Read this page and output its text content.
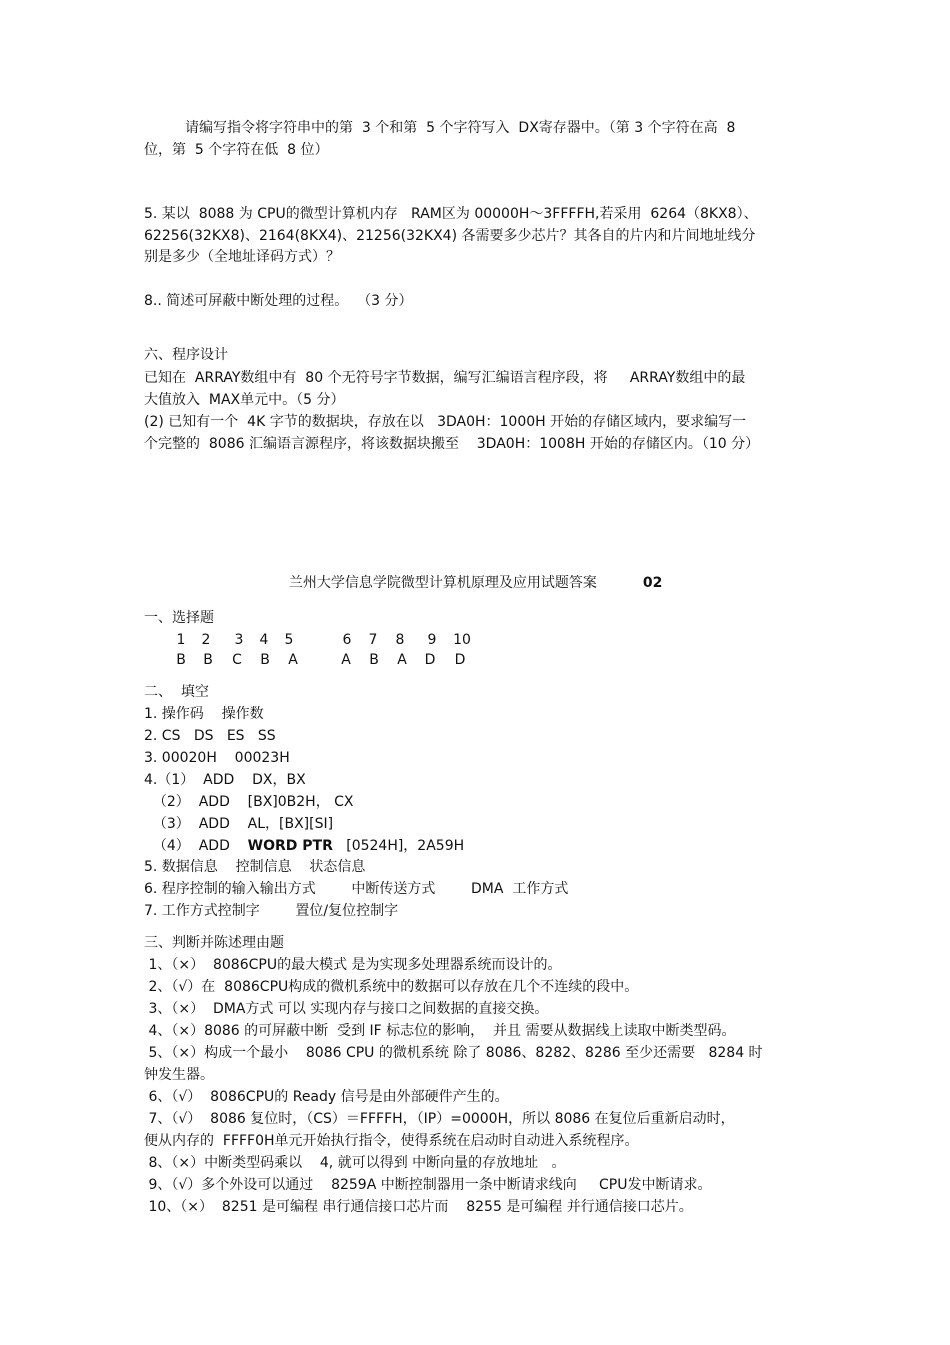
请编写指令将字符串中的第  3 个和第  5 个字符写入  DX寄存器中。（第 3 个字符在高  8
位，第  5 个字符在低  8 位）
5. 某以  8088 为 CPU的微型计算机内存   RAM区为 00000H～3FFFFH,若采用  6264（8KX8）、
62256(32KX8)、2164(8KX4)、21256(32KX4) 各需要多少芯片？其各自的片内和片间地址线分
别是多少（全地址译码方式）？
8.. 简述可屏蔽中断处理的过程。  （3 分）
六、程序设计
已知在  ARRAY数组中有  80 个无符号字节数据，编写汇编语言程序段，将     ARRAY数组中的最
大值放入  MAX单元中。（5 分）
(2) 已知有一个  4K 字节的数据块，存放在以   3DA0H：1000H 开始的存储区域内，要求编写一
个完整的  8086 汇编语言源程序，将该数据块搬至    3DA0H：1008H 开始的存储区内。（10 分）

兰州大学信息学院微型计算机原理及应用试题答案	02

一、选择题
1	2	3	4	5	6	7	8	9	10
B	B	C	B	A	A	B	A	D	D
二、  填空
1. 操作码    操作数
2. CS   DS   ES   SS
3. 00020H    00023H
4.（1）  ADD    DX，BX
（2）  ADD    [BX]0B2H， CX
（3）  ADD    AL，[BX][SI]
（4）  ADD    WORD PTR   [0524H]，2A59H
5. 数据信息    控制信息    状态信息
6. 程序控制的输入输出方式        中断传送方式        DMA  工作方式
7. 工作方式控制字        置位/复位控制字
三、判断并陈述理由题
1、（×）  8086CPU的最大模式 是为实现多处理器系统而设计的。
2、（√）在  8086CPU构成的微机系统中的数据可以存放在几个不连续的段中。
3、（×）  DMA方式 可以 实现内存与接口之间数据的直接交换。
4、（×）8086 的可屏蔽中断  受到 IF 标志位的影响，  并且 需要从数据线上读取中断类型码。
5、（×）构成一个最小    8086 CPU 的微机系统 除了 8086、8282、8286 至少还需要   8284 时
钟发生器。
6、（√）  8086CPU的 Ready 信号是由外部硬件产生的。
7、（√）  8086 复位时，（CS）＝FFFFH，（IP）=0000H，所以 8086 在复位后重新启动时，
便从内存的  FFFF0H单元开始执行指令，使得系统在启动时自动进入系统程序。
8、（×）中断类型码乘以    4, 就可以得到 中断向量的存放地址   。
9、（√）多个外设可以通过    8259A 中断控制器用一条中断请求线向     CPU发中断请求。
10、（×）  8251 是可编程 串行通信接口芯片而    8255 是可编程 并行通信接口芯片。
